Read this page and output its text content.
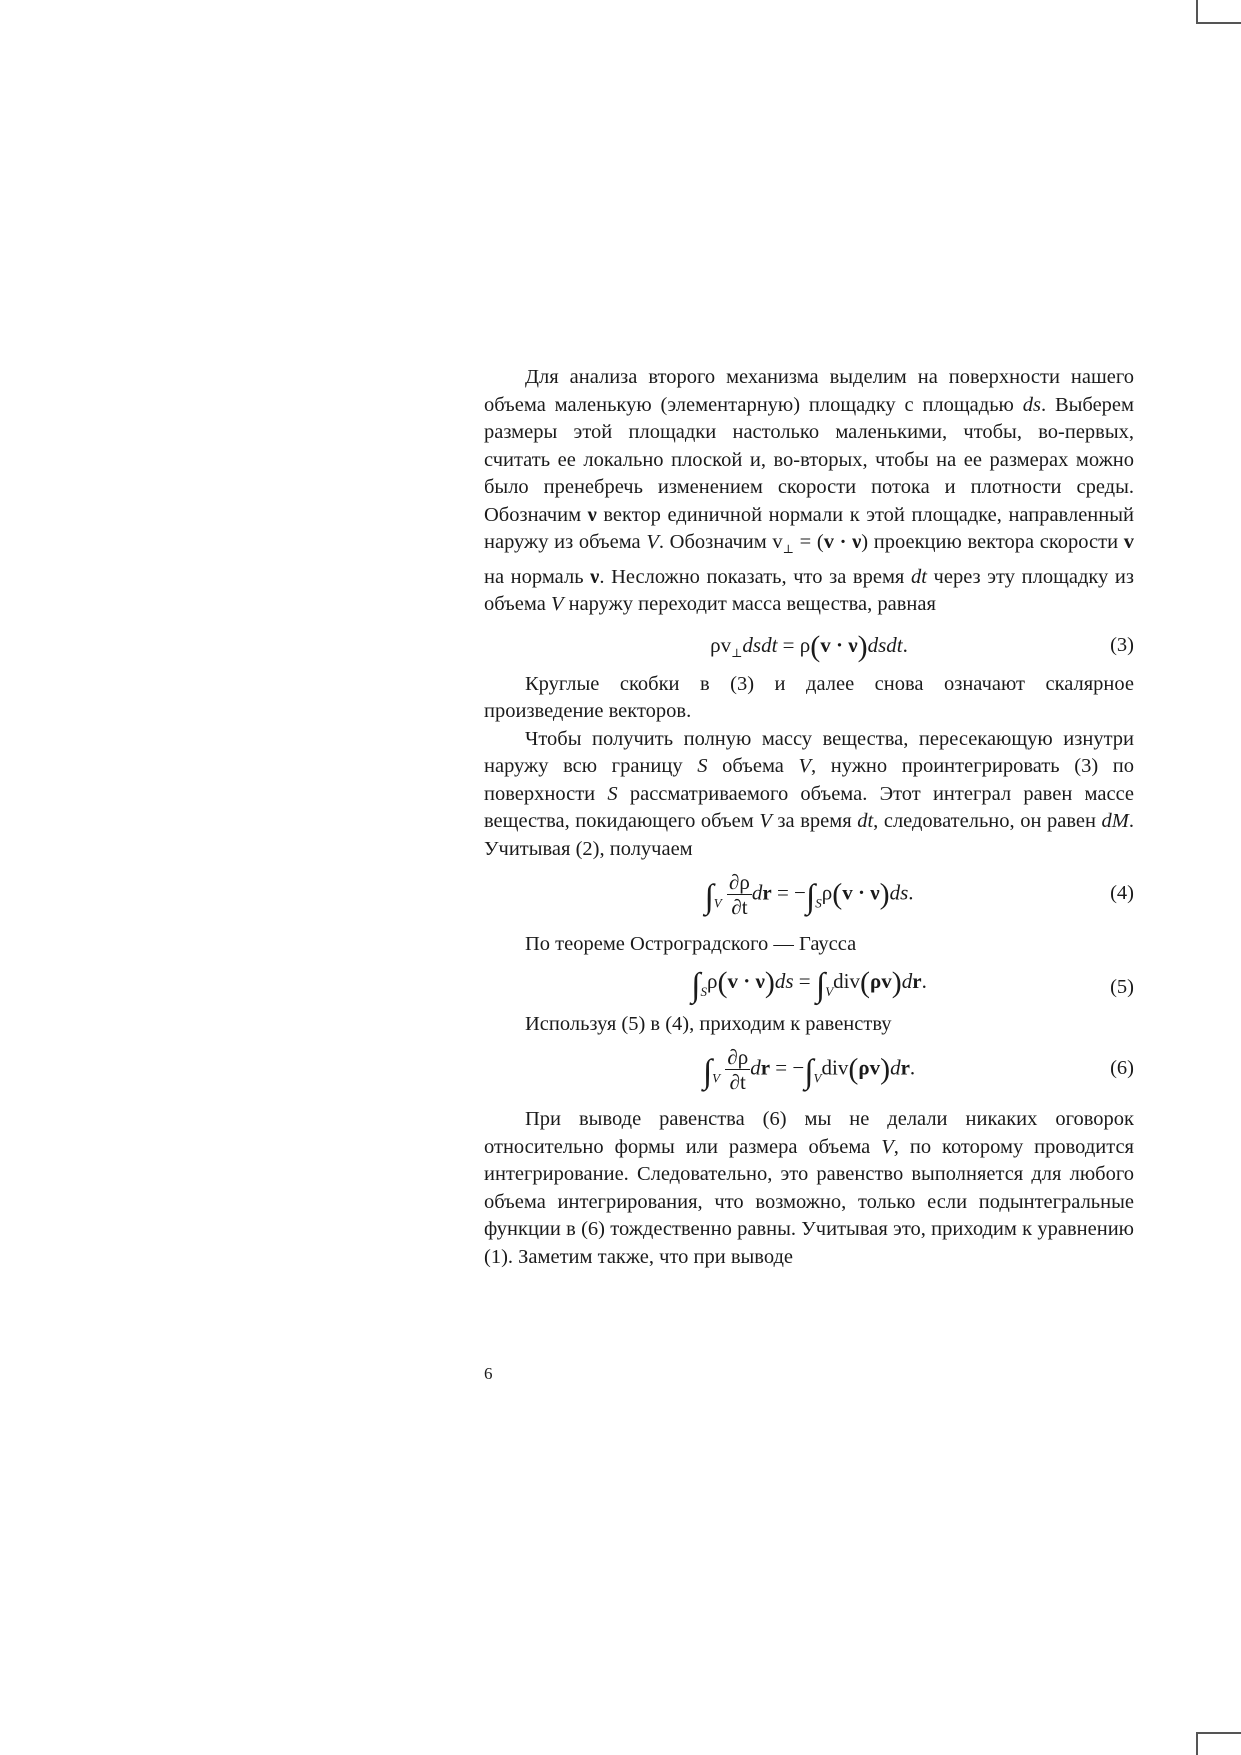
Для анализа второго механизма выделим на поверхности нашего объема маленькую (элементарную) площадку с площадью ds. Выберем размеры этой площадки настолько маленькими, чтобы, во-первых, считать ее локально плоской и, во-вторых, чтобы на ее размерах можно было пренебречь изменением скорости потока и плотности среды. Обозначим ν вектор единичной нормали к этой площадке, направленный наружу из объема V. Обозначим $v_\perp = (v \cdot \nu)$ проекцию вектора скорости v на нормаль ν. Несложно показать, что за время dt через эту площадку из объема V наружу переходит масса вещества, равная

$\rho v_\perp dsdt = \rho(v$ · ν)dsdt.	(3)

Круглые скобки в (3) и далее снова означают скалярное произведение векторов.

Чтобы получить полную массу вещества, пересекающую изнутри наружу всю границу S объема V, нужно проинтегрировать (3) по поверхности S рассматриваемого объема. Этот интеграл равен массе вещества, покидающего объем V за время dt, следовательно, он равен dM. Учитывая (2), получаем

$\int_V \frac{\partial\rho}{\partial t}$ dr = $-\int_S\rho(v \cdot \nu)ds$.	(4)

По теореме Остроградского — Гаусса

$\int_S\rho(v \cdot \nu)ds = \int_Vdiv(\rho v)dr$.	(5)

Используя (5) в (4), приходим к равенству

$\int_V \frac{\partial\rho}{\partial t}$ dr = $-\int_Vdiv(\rho v)dr$.	(6)

При выводе равенства (6) мы не делали никаких оговорок относительно формы или размера объема V, по которому проводится интегрирование. Следовательно, это равенство выполняется для любого объема интегрирования, что возможно, только если подынтегральные функции в (6) тождественно равны. Учитывая это, приходим к уравнению (1). Заметим также, что при выводе

6
